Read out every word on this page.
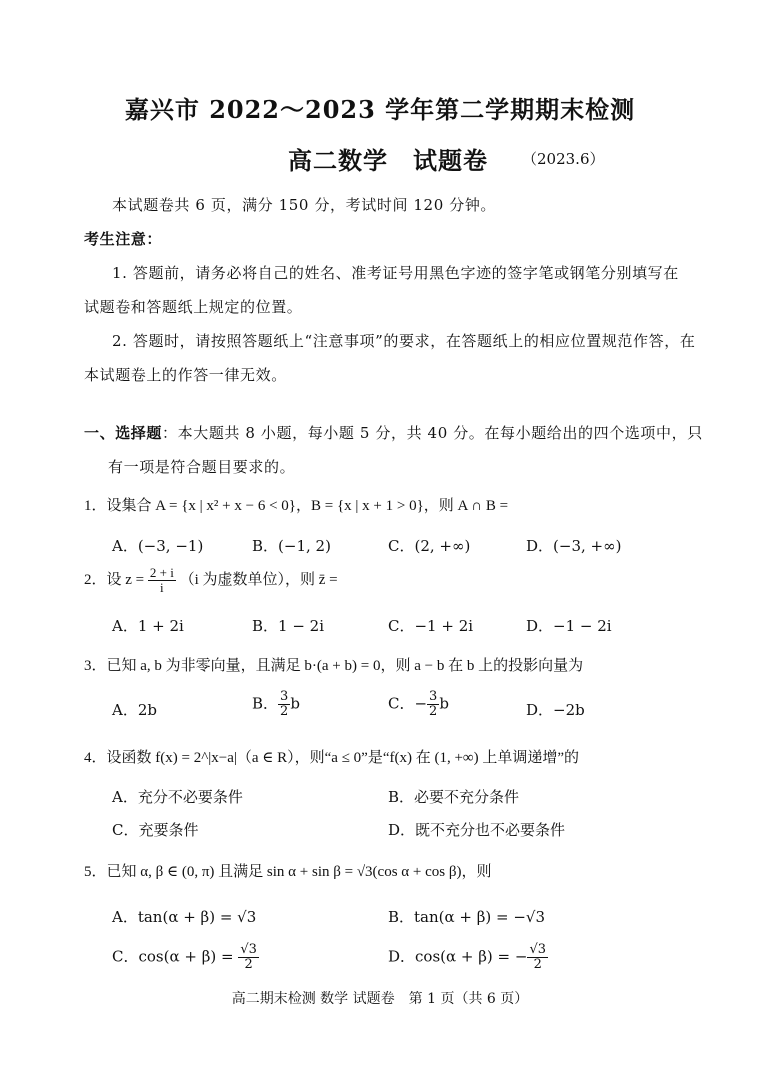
嘉兴市 2022～2023 学年第二学期期末检测
高二数学　试题卷 （2023.6）
本试题卷共 6 页，满分 150 分，考试时间 120 分钟。
考生注意：
1. 答题前，请务必将自己的姓名、准考证号用黑色字迹的签字笔或钢笔分别填写在
试题卷和答题纸上规定的位置。
2. 答题时，请按照答题纸上“注意事项”的要求，在答题纸上的相应位置规范作答，在
本试题卷上的作答一律无效。
一、选择题：本大题共 8 小题，每小题 5 分，共 40 分。在每小题给出的四个选项中，只
有一项是符合题目要求的。
1．设集合 A = {x | x² + x − 6 < 0}，B = {x | x + 1 > 0}，则 A ∩ B =
A．(−3, −1)	B．(−1, 2)	C．(2, +∞)	D．(−3, +∞)
2．设 $z = \frac{2 + i}{i} (i$ 为虚数单位），则 z̄ =
A．1 + 2i	B．1 − 2i	C．−1 + 2i	D．−1 − 2i
3．已知 a, b 为非零向量，且满足 b·(a + b) = 0，则 a − b 在 b 上的投影向量为
A．2b	B． $\frac{3}{2}$ b	C．− $\frac{3}{2}$ b	D．−2b
4．设函数 f(x) = 2^|x−a|（a ∈ R），则“a ≤ 0”是“f(x) 在 (1, +∞) 上单调递增”的
A．充分不必要条件	B．必要不充分条件
C．充要条件	D．既不充分也不必要条件
5．已知 α, β ∈ (0, π) 且满足 sin α + sin β = √3(cos α + cos β)，则
A．tan(α + β) = √3	B．tan(α + β) = −√3
C．$\cos(\alpha + \beta) = \frac{√3}{2}$	D．cos(α + β) = − $\frac{√3}{2}$
高二期末检测 数学 试题卷　第 1 页（共 6 页）
